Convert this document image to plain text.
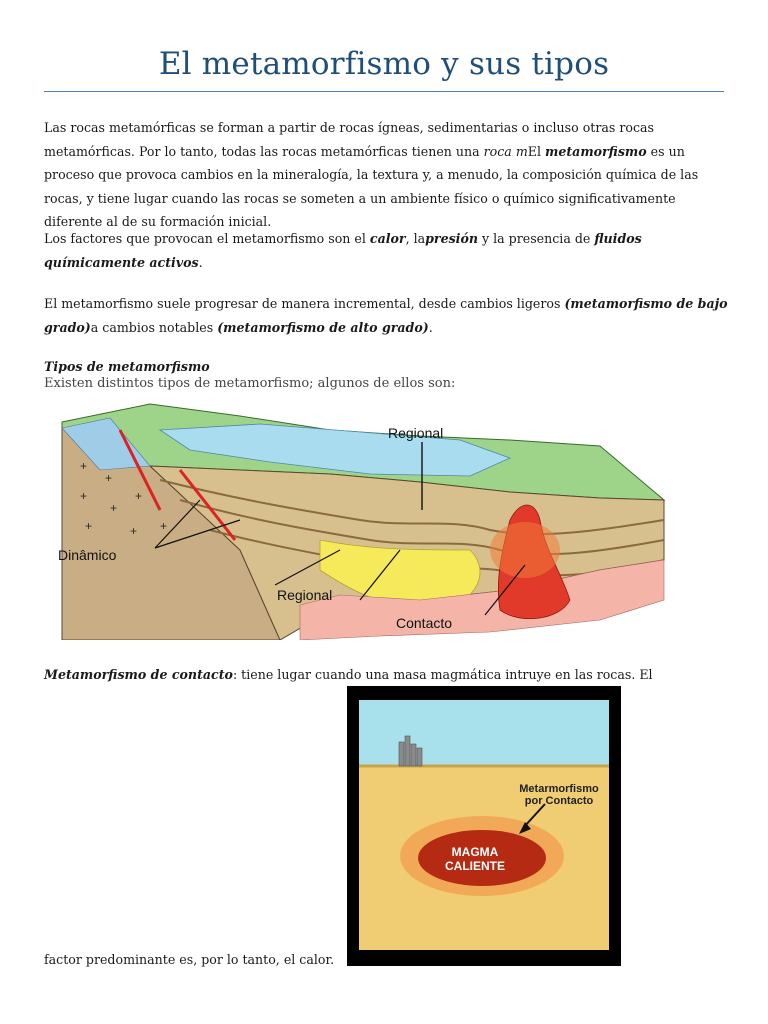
El metamorfismo y sus tipos
Las rocas metamórficas se forman a partir de rocas ígneas, sedimentarias o incluso otras rocas metamórficas. Por lo tanto, todas las rocas metamórficas tienen una roca mEl metamorfismo es un proceso que provoca cambios en la mineralogía, la textura y, a menudo, la composición química de las rocas, y tiene lugar cuando las rocas se someten a un ambiente físico o químico significativamente diferente al de su formación inicial.
Los factores que provocan el metamorfismo son el calor, lapresión y la presencia de fluidos químicamente activos.
El metamorfismo suele progresar de manera incremental, desde cambios ligeros (metamorfismo de bajo grado)a cambios notables (metamorfismo de alto grado).
Tipos de metamorfismo
Existen distintos tipos de metamorfismo; algunos de ellos son:
+
+
+
+
+
+	+ +
Regional
Dinâmico
Regional
Contacto
Metamorfismo de contacto: tiene lugar cuando una masa magmática intruye en las rocas. El
Metarmorfismo
por Contacto
MAGMA
CALIENTE
factor predominante es, por lo tanto, el calor.
